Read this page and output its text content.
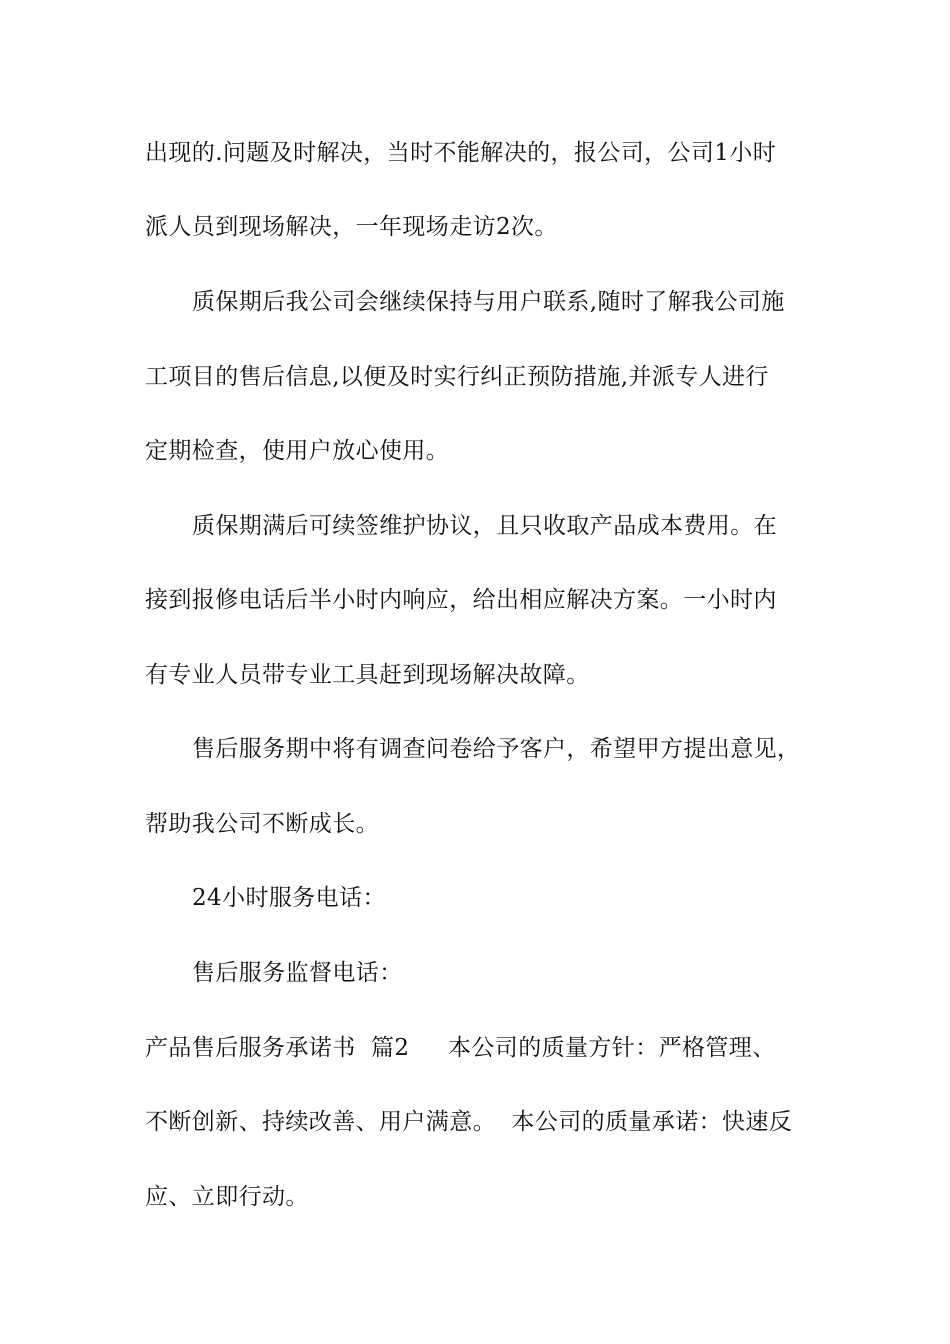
出现的.问题及时解决，当时不能解决的，报公司，公司1小时
派人员到现场解决，一年现场走访2次。
质保期后我公司会继续保持与用户联系,随时了解我公司施
工项目的售后信息,以便及时实行纠正预防措施,并派专人进行
定期检查，使用户放心使用。
质保期满后可续签维护协议，且只收取产品成本费用。在
接到报修电话后半小时内响应，给出相应解决方案。一小时内
有专业人员带专业工具赶到现场解决故障。
售后服务期中将有调查问卷给予客户，希望甲方提出意见，
帮助我公司不断成长。
24小时服务电话：
售后服务监督电话：
产品售后服务承诺书  篇2     本公司的质量方针：严格管理、
不断创新、持续改善、用户满意。  本公司的质量承诺：快速反
应、立即行动。
